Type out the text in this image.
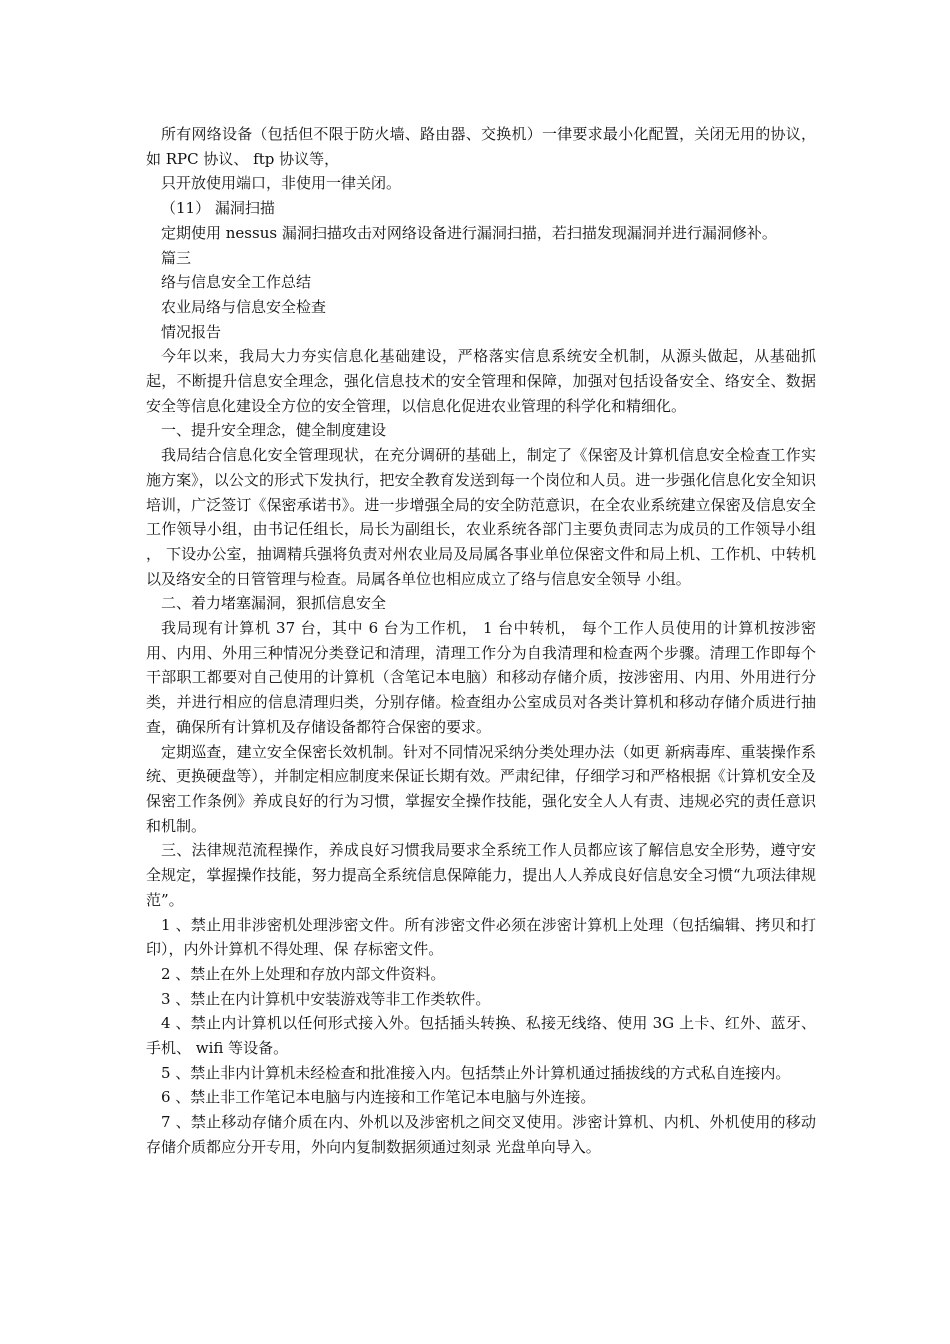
所有网络设备（包括但不限于防火墙、路由器、交换机）一律要求最小化配置，关闭无用的协议，如 RPC 协议、 ftp 协议等，

只开放使用端口，非使用一律关闭。

（11） 漏洞扫描

定期使用 nessus 漏洞扫描攻击对网络设备进行漏洞扫描，若扫描发现漏洞并进行漏洞修补。

篇三

络与信息安全工作总结

农业局络与信息安全检查

情况报告

今年以来，我局大力夯实信息化基础建设，严格落实信息系统安全机制，从源头做起，从基础抓起，不断提升信息安全理念，强化信息技术的安全管理和保障，加强对包括设备安全、络安全、数据安全等信息化建设全方位的安全管理，以信息化促进农业管理的科学化和精细化。

一、提升安全理念，健全制度建设

我局结合信息化安全管理现状，在充分调研的基础上，制定了《保密及计算机信息安全检查工作实施方案》，以公文的形式下发执行，把安全教育发送到每一个岗位和人员。进一步强化信息化安全知识培训，广泛签订《保密承诺书》。进一步增强全局的安全防范意识，在全农业系统建立保密及信息安全工作领导小组，由书记任组长，局长为副组长，农业系统各部门主要负责同志为成员的工作领导小组 ， 下设办公室，抽调精兵强将负责对州农业局及局属各事业单位保密文件和局上机、工作机、中转机以及络安全的日管管理与检查。局属各单位也相应成立了络与信息安全领导 小组。

二、着力堵塞漏洞，狠抓信息安全

我局现有计算机 37 台，其中 6 台为工作机， 1 台中转机， 每个工作人员使用的计算机按涉密用、内用、外用三种情况分类登记和清理，清理工作分为自我清理和检查两个步骤。清理工作即每个干部职工都要对自己使用的计算机（含笔记本电脑）和移动存储介质，按涉密用、内用、外用进行分类，并进行相应的信息清理归类，分别存储。检查组办公室成员对各类计算机和移动存储介质进行抽查，确保所有计算机及存储设备都符合保密的要求。

定期巡查，建立安全保密长效机制。针对不同情况采纳分类处理办法（如更 新病毒库、重装操作系统、更换硬盘等），并制定相应制度来保证长期有效。严肃纪律，仔细学习和严格根据《计算机安全及保密工作条例》养成良好的行为习惯，掌握安全操作技能，强化安全人人有责、违规必究的责任意识和机制。

三、法律规范流程操作，养成良好习惯我局要求全系统工作人员都应该了解信息安全形势，遵守安全规定，掌握操作技能，努力提高全系统信息保障能力，提出人人养成良好信息安全习惯“九项法律规范”。

1 、禁止用非涉密机处理涉密文件。所有涉密文件必须在涉密计算机上处理（包括编辑、拷贝和打印），内外计算机不得处理、保 存标密文件。

2 、禁止在外上处理和存放内部文件资料。

3 、禁止在内计算机中安装游戏等非工作类软件。

4 、禁止内计算机以任何形式接入外。包括插头转换、私接无线络、使用 3G 上卡、红外、蓝牙、手机、 wifi 等设备。

5 、禁止非内计算机未经检查和批准接入内。包括禁止外计算机通过插拔线的方式私自连接内。

6 、禁止非工作笔记本电脑与内连接和工作笔记本电脑与外连接。

7 、禁止移动存储介质在内、外机以及涉密机之间交叉使用。涉密计算机、内机、外机使用的移动存储介质都应分开专用，外向内复制数据须通过刻录 光盘单向导入。
